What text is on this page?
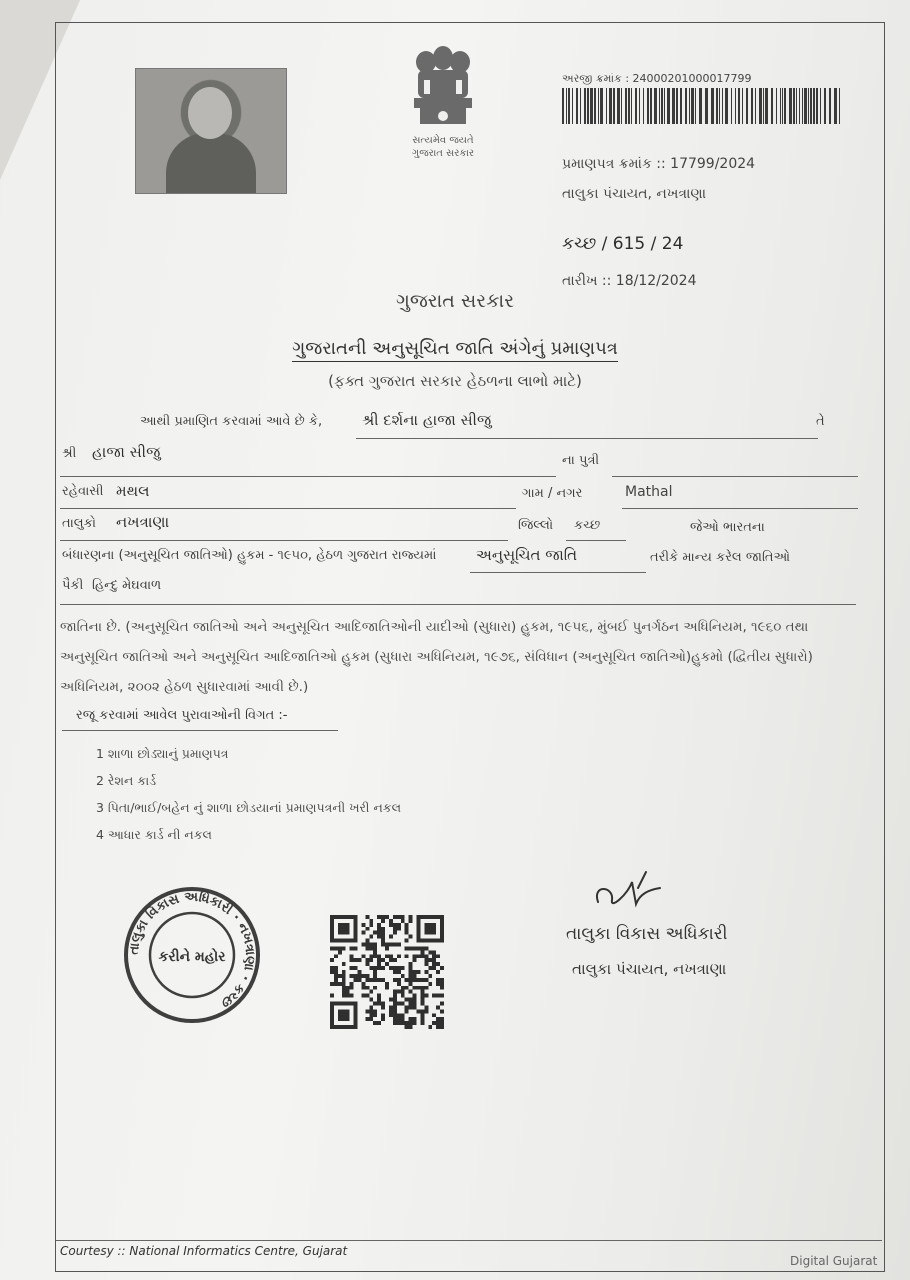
સત્યમેવ જયતે
ગુજરાત સરકાર
અરજી ક્રમાંક : 2400020100001779​9
પ્રમાણપત્ર ક્રમાંક :: 17799/2024
તાલુકા પંચાયત, નખત્રાણા
કચ્છ / 615 / 24
તારીખ :: 18/12/2024
ગુજરાત સરકાર
ગુજરાતની અનુસૂચિત જાતિ અંગેનું પ્રમાણપત્ર
(ફક્ત ગુજરાત સરકાર હેઠળના લાભો માટે)
આથી પ્રમાણિત કરવામાં આવે છે કે,	શ્રી દર્શના હાજા સીજુ	તે
શ્રી હાજા સીજુ	ના પુત્રી
રહેવાસી મથલ	ગામ / નગર	Mathal
તાલુકો નખત્રાણા	જિલ્લો કચ્છ	જેઓ ભારતના
બંધારણના (અનુસૂચિત જાતિઓ) હુકમ - ૧૯૫૦, હેઠળ ગુજરાત રાજ્યમાં	અનુસૂચિત જાતિ	તરીકે માન્ય કરેલ જાતિઓ
પૈકી હિન્દુ મેઘવાળ
જાતિના છે. (અનુસૂચિત જાતિઓ અને અનુસૂચિત આદિજાતિઓની યાદીઓ (સુધારા) હુકમ, ૧૯૫૬, મુંબઈ પુનર્ગઠન અધિનિયમ, ૧૯૬૦ તથા
અનુસૂચિત જાતિઓ અને અનુસૂચિત આદિજાતિઓ હુકમ (સુધારા અધિનિયમ, ૧૯૭૬, સંવિધાન (અનુસૂચિત જાતિઓ)હુકમો (દ્વિતીય સુધારો)
અધિનિયમ, ૨૦૦૨ હેઠળ સુધારવામાં આવી છે.)
રજૂ કરવામાં આવેલ પુરાવાઓની વિગત :-
1 શાળા છોડ્યાનું પ્રમાણપત્ર
2 રેશન કાર્ડ
3 પિતા/ભાઈ/બહેન નું શાળા છોડયાનાં પ્રમાણપત્રની ખરી નકલ
4 આધાર કાર્ડ ની નકલ
તાલુકા વિકાસ અધિકારી · નખત્રાણા · કચ્છ
કરીને મહોર
તાલુકા વિકાસ અધિકારી
તાલુકા પંચાયત, નખત્રાણા
Courtesy :: National Informatics Centre, Gujarat
Digital Gujarat
